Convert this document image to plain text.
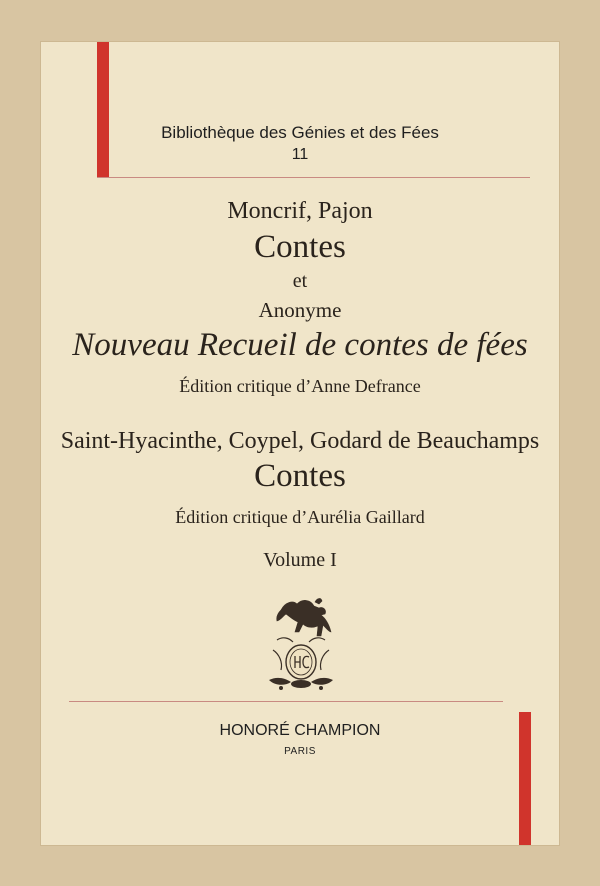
Bibliothèque des Génies et des Fées
11
Moncrif, Pajon
Contes
et
Anonyme
Nouveau Recueil de contes de fées
Édition critique d’Anne Defrance
Saint-Hyacinthe, Coypel, Godard de Beauchamps
Contes
Édition critique d’Aurélia Gaillard
Volume I
HONORÉ CHAMPION
PARIS
